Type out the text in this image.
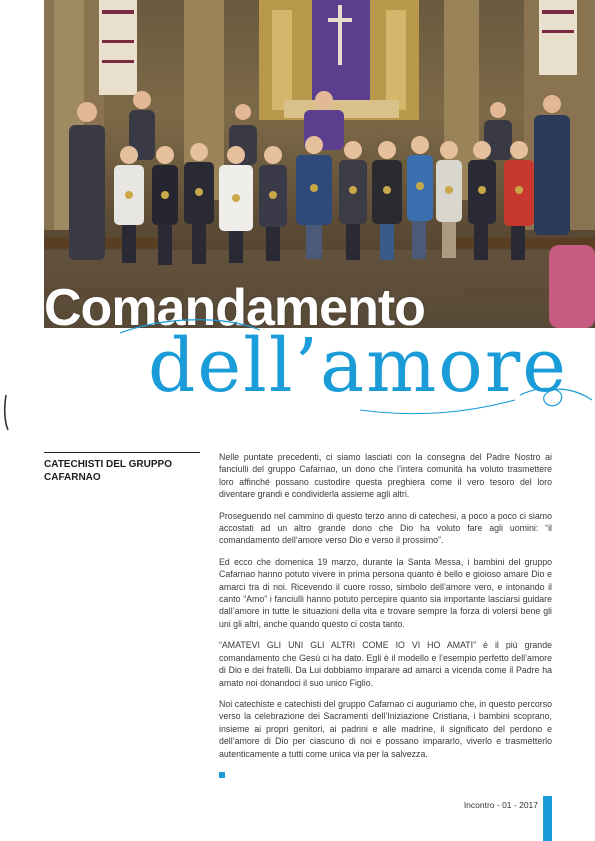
Comandamento
dell’amore
CATECHISTI DEL GRUPPO CAFARNAO

Nelle puntate precedenti, ci siamo lasciati con la consegna del Padre Nostro ai fanciulli del gruppo Cafarnao, un dono che l’intera comunità ha voluto trasmettere loro affinché possano custodire questa preghiera come il vero tesoro del loro diventare grandi e condividerla assieme agli altri.

Proseguendo nel cammino di questo terzo anno di catechesi, a poco a poco ci siamo accostati ad un altro grande dono che Dio ha voluto fare agli uomini: “il comandamento dell’amore verso Dio e verso il prossimo”.

Ed ecco che domenica 19 marzo, durante la Santa Messa, i bambini del gruppo Cafarnao hanno potuto vivere in prima persona quanto è bello e gioioso amare Dio e amarci tra di noi. Ricevendo il cuore rosso, simbolo dell’amore vero, e intonando il canto “Amo” i fanciulli hanno potuto percepire quanto sia importante lasciarsi guidare dall’amore in tutte le situazioni della vita e trovare sempre la forza di volersi bene gli uni gli altri, anche quando questo ci costa tanto.

“AMATEVI GLI UNI GLI ALTRI COME IO VI HO AMATI” è il più grande comandamento che Gesù ci ha dato. Egli è il modello e l’esempio perfetto dell’amore di Dio e dei fratelli. Da Lui dobbiamo imparare ad amarci a vicenda come il Padre ha amato noi donandoci il suo unico Figlio.

Noi catechiste e catechisti del gruppo Cafarnao ci auguriamo che, in questo percorso verso la celebrazione dei Sacramenti dell’Iniziazione Cristiana, i bambini scoprano, insieme ai propri genitori, ai padrini e alle madrine, il significato del perdono e dell’amore di Dio per ciascuno di noi e possano impararlo, viverlo e trasmetterlo autenticamente a tutti come unica via per la salvezza.

Incontro - 01 - 2017
